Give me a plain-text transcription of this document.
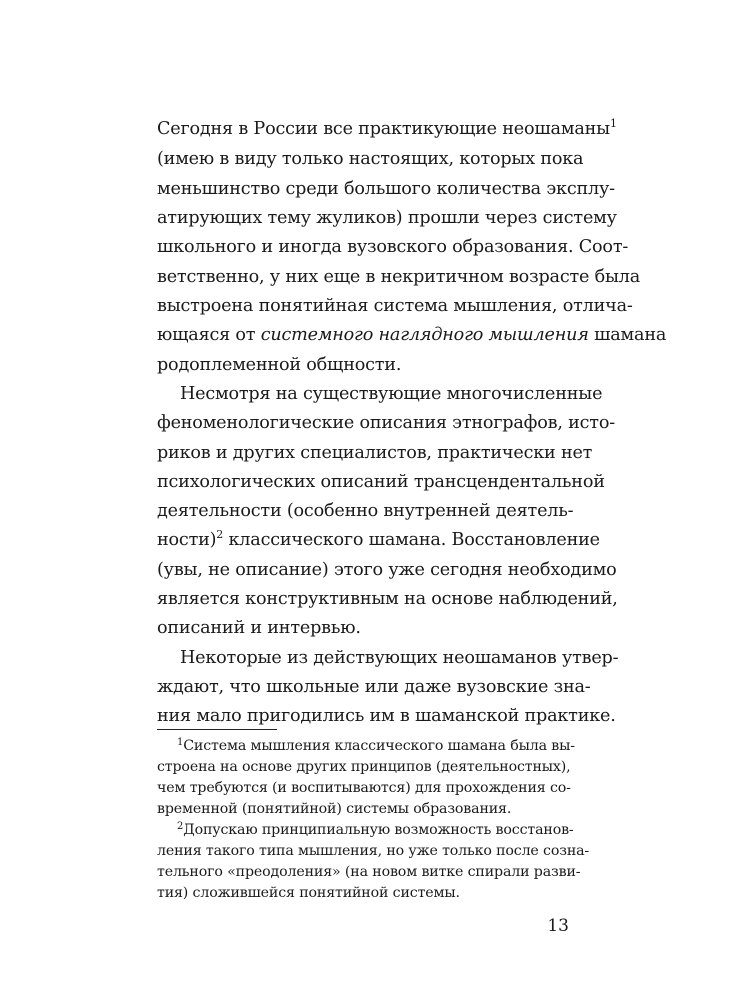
Сегодня в России все практикующие неошаманы$^1$
(имею в виду только настоящих, которых пока
меньшинство среди большого количества эксплу-
атирующих тему жуликов) прошли через систему
школьного и иногда вузовского образования. Соот-
ветственно, у них еще в некритичном возрасте была
выстроена понятийная система мышления, отлича-
ющаяся от системного наглядного мышления шамана
родоплеменной общности.
Несмотря на существующие многочисленные
феноменологические описания этнографов, исто-
риков и других специалистов, практически нет
психологических описаний трансцендентальной
деятельности (особенно внутренней деятель-
ности)$^2$ классического шамана. Восстановление
(увы, не описание) этого уже сегодня необходимо
является конструктивным на основе наблюдений,
описаний и интервью.
Некоторые из действующих неошаманов утвер-
ждают, что школьные или даже вузовские зна-
ния мало пригодились им в шаманской практике.
$^1$Система мышления классического шамана была вы-
строена на основе других принципов (деятельностных),
чем требуются (и воспитываются) для прохождения со-
временной (понятийной) системы образования.
$^2$Допускаю принципиальную возможность восстанов-
ления такого типа мышления, но уже только после созна-
тельного «преодоления» (на новом витке спирали разви-
тия) сложившейся понятийной системы.
13
